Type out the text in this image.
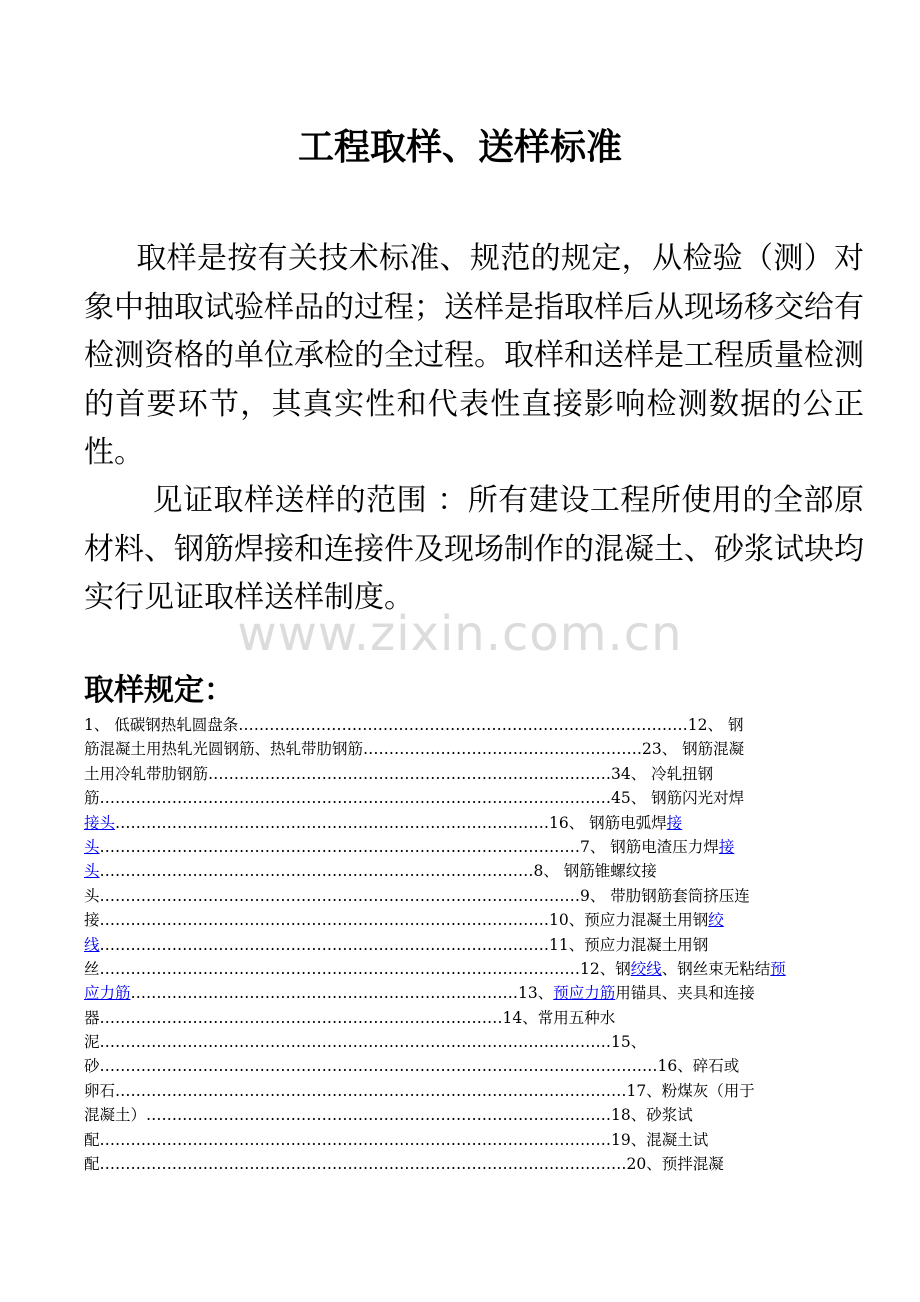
工程取样、送样标准

取样是按有关技术标准、规范的规定，从检验（测）对象中抽取试验样品的过程；送样是指取样后从现场移交给有检测资格的单位承检的全过程。取样和送样是工程质量检测的首要环节，其真实性和代表性直接影响检测数据的公正性。

见证取样送样的范围 ：所有建设工程所使用的全部原材料、钢筋焊接和连接件及现场制作的混凝土、砂浆试块均实行见证取样送样制度。

www.zixin.com.cn
取样规定：
1、 低碳钢热轧圆盘条……………………………………………………………………………12、 钢
筋混凝土用热轧光圆钢筋、热轧带肋钢筋………………………………………………23、 钢筋混凝
土用冷轧带肋钢筋……………………………………………………………………34、 冷轧扭钢
筋………………………………………………………………………………………45、 钢筋闪光对焊
接头…………………………………………………………………………16、 钢筋电弧焊接
头…………………………………………………………………………………7、 钢筋电渣压力焊接
头…………………………………………………………………………8、 钢筋锥螺纹接
头…………………………………………………………………………………9、 带肋钢筋套筒挤压连
接……………………………………………………………………………10、预应力混凝土用钢绞
线……………………………………………………………………………11、预应力混凝土用钢
丝…………………………………………………………………………………12、钢绞线、钢丝束无粘结预
应力筋…………………………………………………………………13、预应力筋用锚具、夹具和连接
器……………………………………………………………………14、常用五种水
泥………………………………………………………………………………………15、
砂………………………………………………………………………………………………16、碎石或
卵石………………………………………………………………………………………17、粉煤灰（用于
混凝土）………………………………………………………………………………18、砂浆试
配………………………………………………………………………………………19、混凝土试
配…………………………………………………………………………………………20、预拌混凝
